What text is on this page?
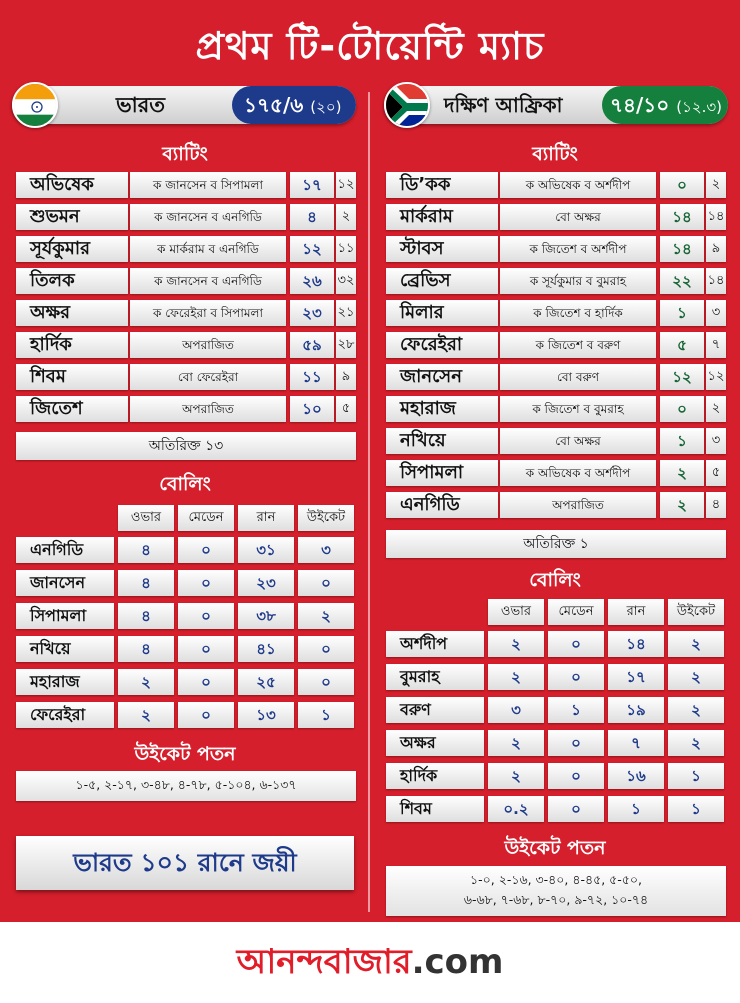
প্রথম টি-টোয়েন্টি ম্যাচ
ভারত	১৭৫/৬ (২০)	দক্ষিণ আফ্রিকা	৭৪/১০ (১২.৩)
ব্যাটিং
অভিষেক	ক জানসেন ব সিপামলা	১৭	১২
শুভমন	ক জানসেন ব এনগিডি	৪	২
সূর্যকুমার	ক মার্করাম ব এনগিডি	১২	১১
তিলক	ক জানসেন ব এনগিডি	২৬	৩২
অক্ষর	ক ফেরেইরা ব সিপামলা	২৩	২১
হার্দিক	অপরাজিত	৫৯	২৮
শিবম	বো ফেরেইরা	১১	৯
জিতেশ	অপরাজিত	১০	৫
অতিরিক্ত ১৩
বোলিং
ওভার	মেডেন	রান	উইকেট
এনগিডি	৪	০	৩১	৩
জানসেন	৪	০	২৩	০
সিপামলা	৪	০	৩৮	২
নখিয়ে	৪	০	৪১	০
মহারাজ	২	০	২৫	০
ফেরেইরা	২	০	১৩	১
উইকেট পতন
১-৫, ২-১৭, ৩-৪৮, ৪-৭৮, ৫-১০৪, ৬-১৩৭
ভারত ১০১ রানে জয়ী
ব্যাটিং
ডি’কক	ক অভিষেক ব অর্শদীপ	০	২
মার্করাম	বো অক্ষর	১৪	১৪
স্টাবস	ক জিতেশ ব অর্শদীপ	১৪	৯
ব্রেভিস	ক সূর্যকুমার ব বুমরাহ	২২	১৪
মিলার	ক জিতেশ ব হার্দিক	১	৩
ফেরেইরা	ক জিতেশ ব বরুণ	৫	৭
জানসেন	বো বরুণ	১২	১২
মহারাজ	ক জিতেশ ব বুমরাহ	০	২
নখিয়ে	বো অক্ষর	১	৩
সিপামলা	ক অভিষেক ব অর্শদীপ	২	৫
এনগিডি	অপরাজিত	২	৪
অতিরিক্ত ১
বোলিং
ওভার	মেডেন	রান	উইকেট
অর্শদীপ	২	০	১৪	২
বুমরাহ	২	০	১৭	২
বরুণ	৩	১	১৯	২
অক্ষর	২	০	৭	২
হার্দিক	২	০	১৬	১
শিবম	০.২	০	১	১
উইকেট পতন
১-০, ২-১৬, ৩-৪০, ৪-৪৫, ৫-৫০,
৬-৬৮, ৭-৬৮, ৮-৭০, ৯-৭২, ১০-৭৪
আনন্দবাজার.com
